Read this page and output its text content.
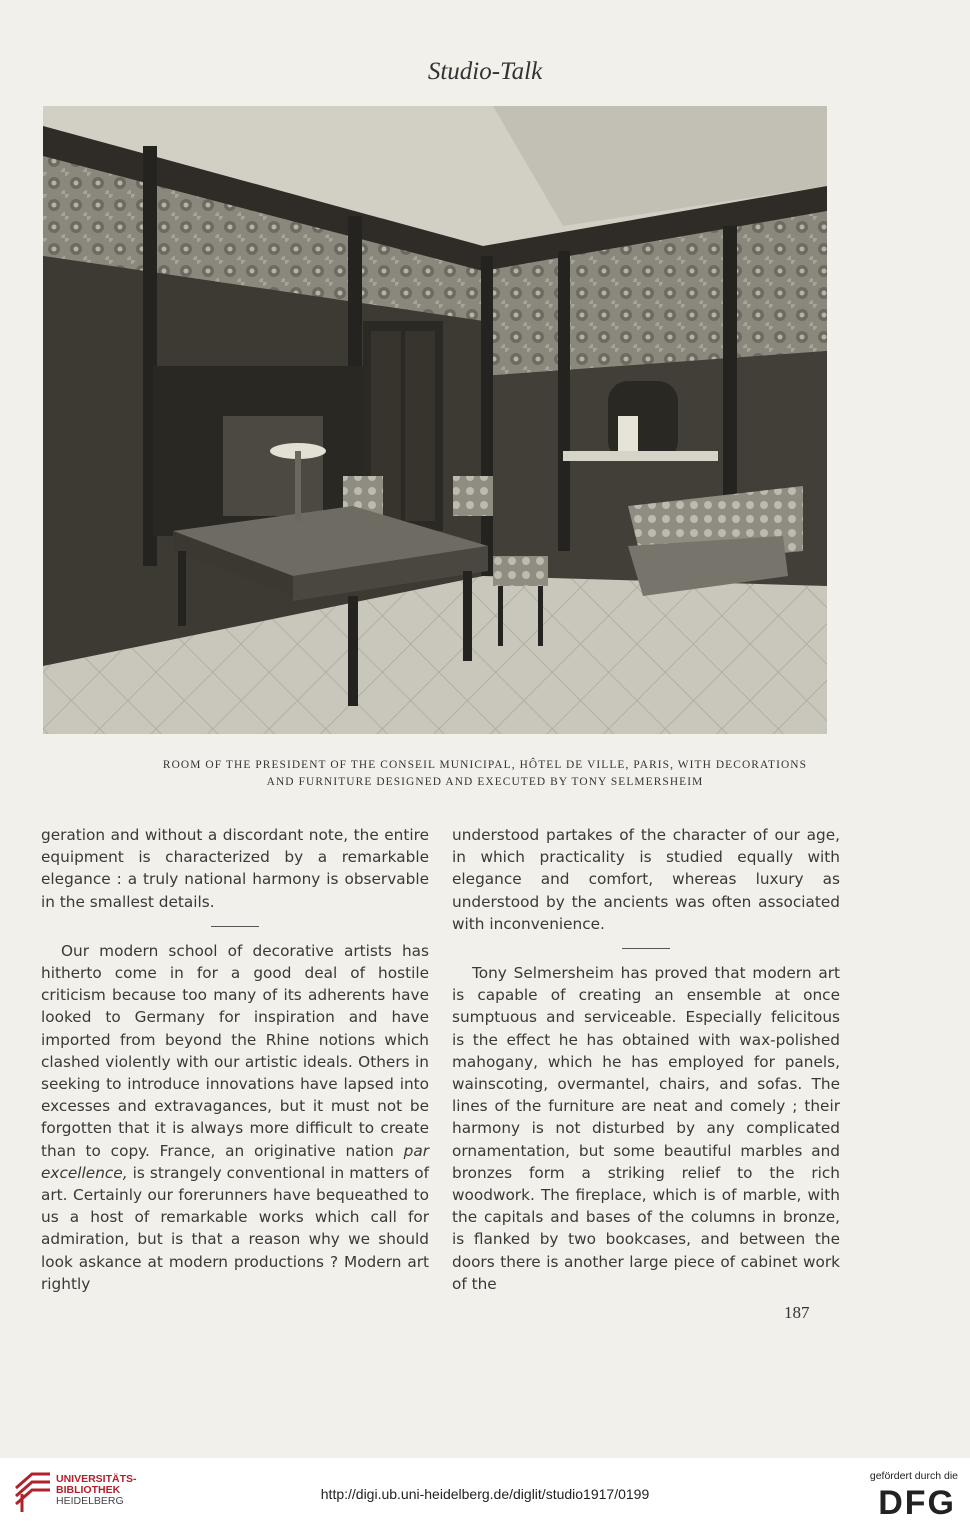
Studio-Talk
ROOM OF THE PRESIDENT OF THE CONSEIL MUNICIPAL, HÔTEL DE VILLE, PARIS, WITH DECORATIONS
AND FURNITURE DESIGNED AND EXECUTED BY TONY SELMERSHEIM

geration and without a discordant note, the entire equipment is characterized by a remarkable elegance : a truly national harmony is observable in the smallest details.

Our modern school of decorative artists has hitherto come in for a good deal of hostile criticism because too many of its adherents have looked to Germany for inspiration and have imported from beyond the Rhine notions which clashed violently with our artistic ideals. Others in seeking to introduce innovations have lapsed into excesses and extravagances, but it must not be forgotten that it is always more difficult to create than to copy. France, an originative nation par excellence, is strangely conventional in matters of art. Certainly our forerunners have bequeathed to us a host of remarkable works which call for admiration, but is that a reason why we should look askance at modern productions ? Modern art rightly

understood partakes of the character of our age, in which practicality is studied equally with elegance and comfort, whereas luxury as understood by the ancients was often associated with inconvenience.

Tony Selmersheim has proved that modern art is capable of creating an ensemble at once sumptuous and serviceable. Especially felicitous is the effect he has obtained with wax-polished mahogany, which he has employed for panels, wainscoting, overmantel, chairs, and sofas. The lines of the furniture are neat and comely ; their harmony is not disturbed by any complicated ornamentation, but some beautiful marbles and bronzes form a striking relief to the rich woodwork. The fireplace, which is of marble, with the capitals and bases of the columns in bronze, is flanked by two bookcases, and between the doors there is another large piece of cabinet work of the

187
UNIVERSITÄTS-
BIBLIOTHEK
HEIDELBERG	http://digi.ub.uni-heidelberg.de/diglit/studio1917/0199
gefördert durch die
DFG
